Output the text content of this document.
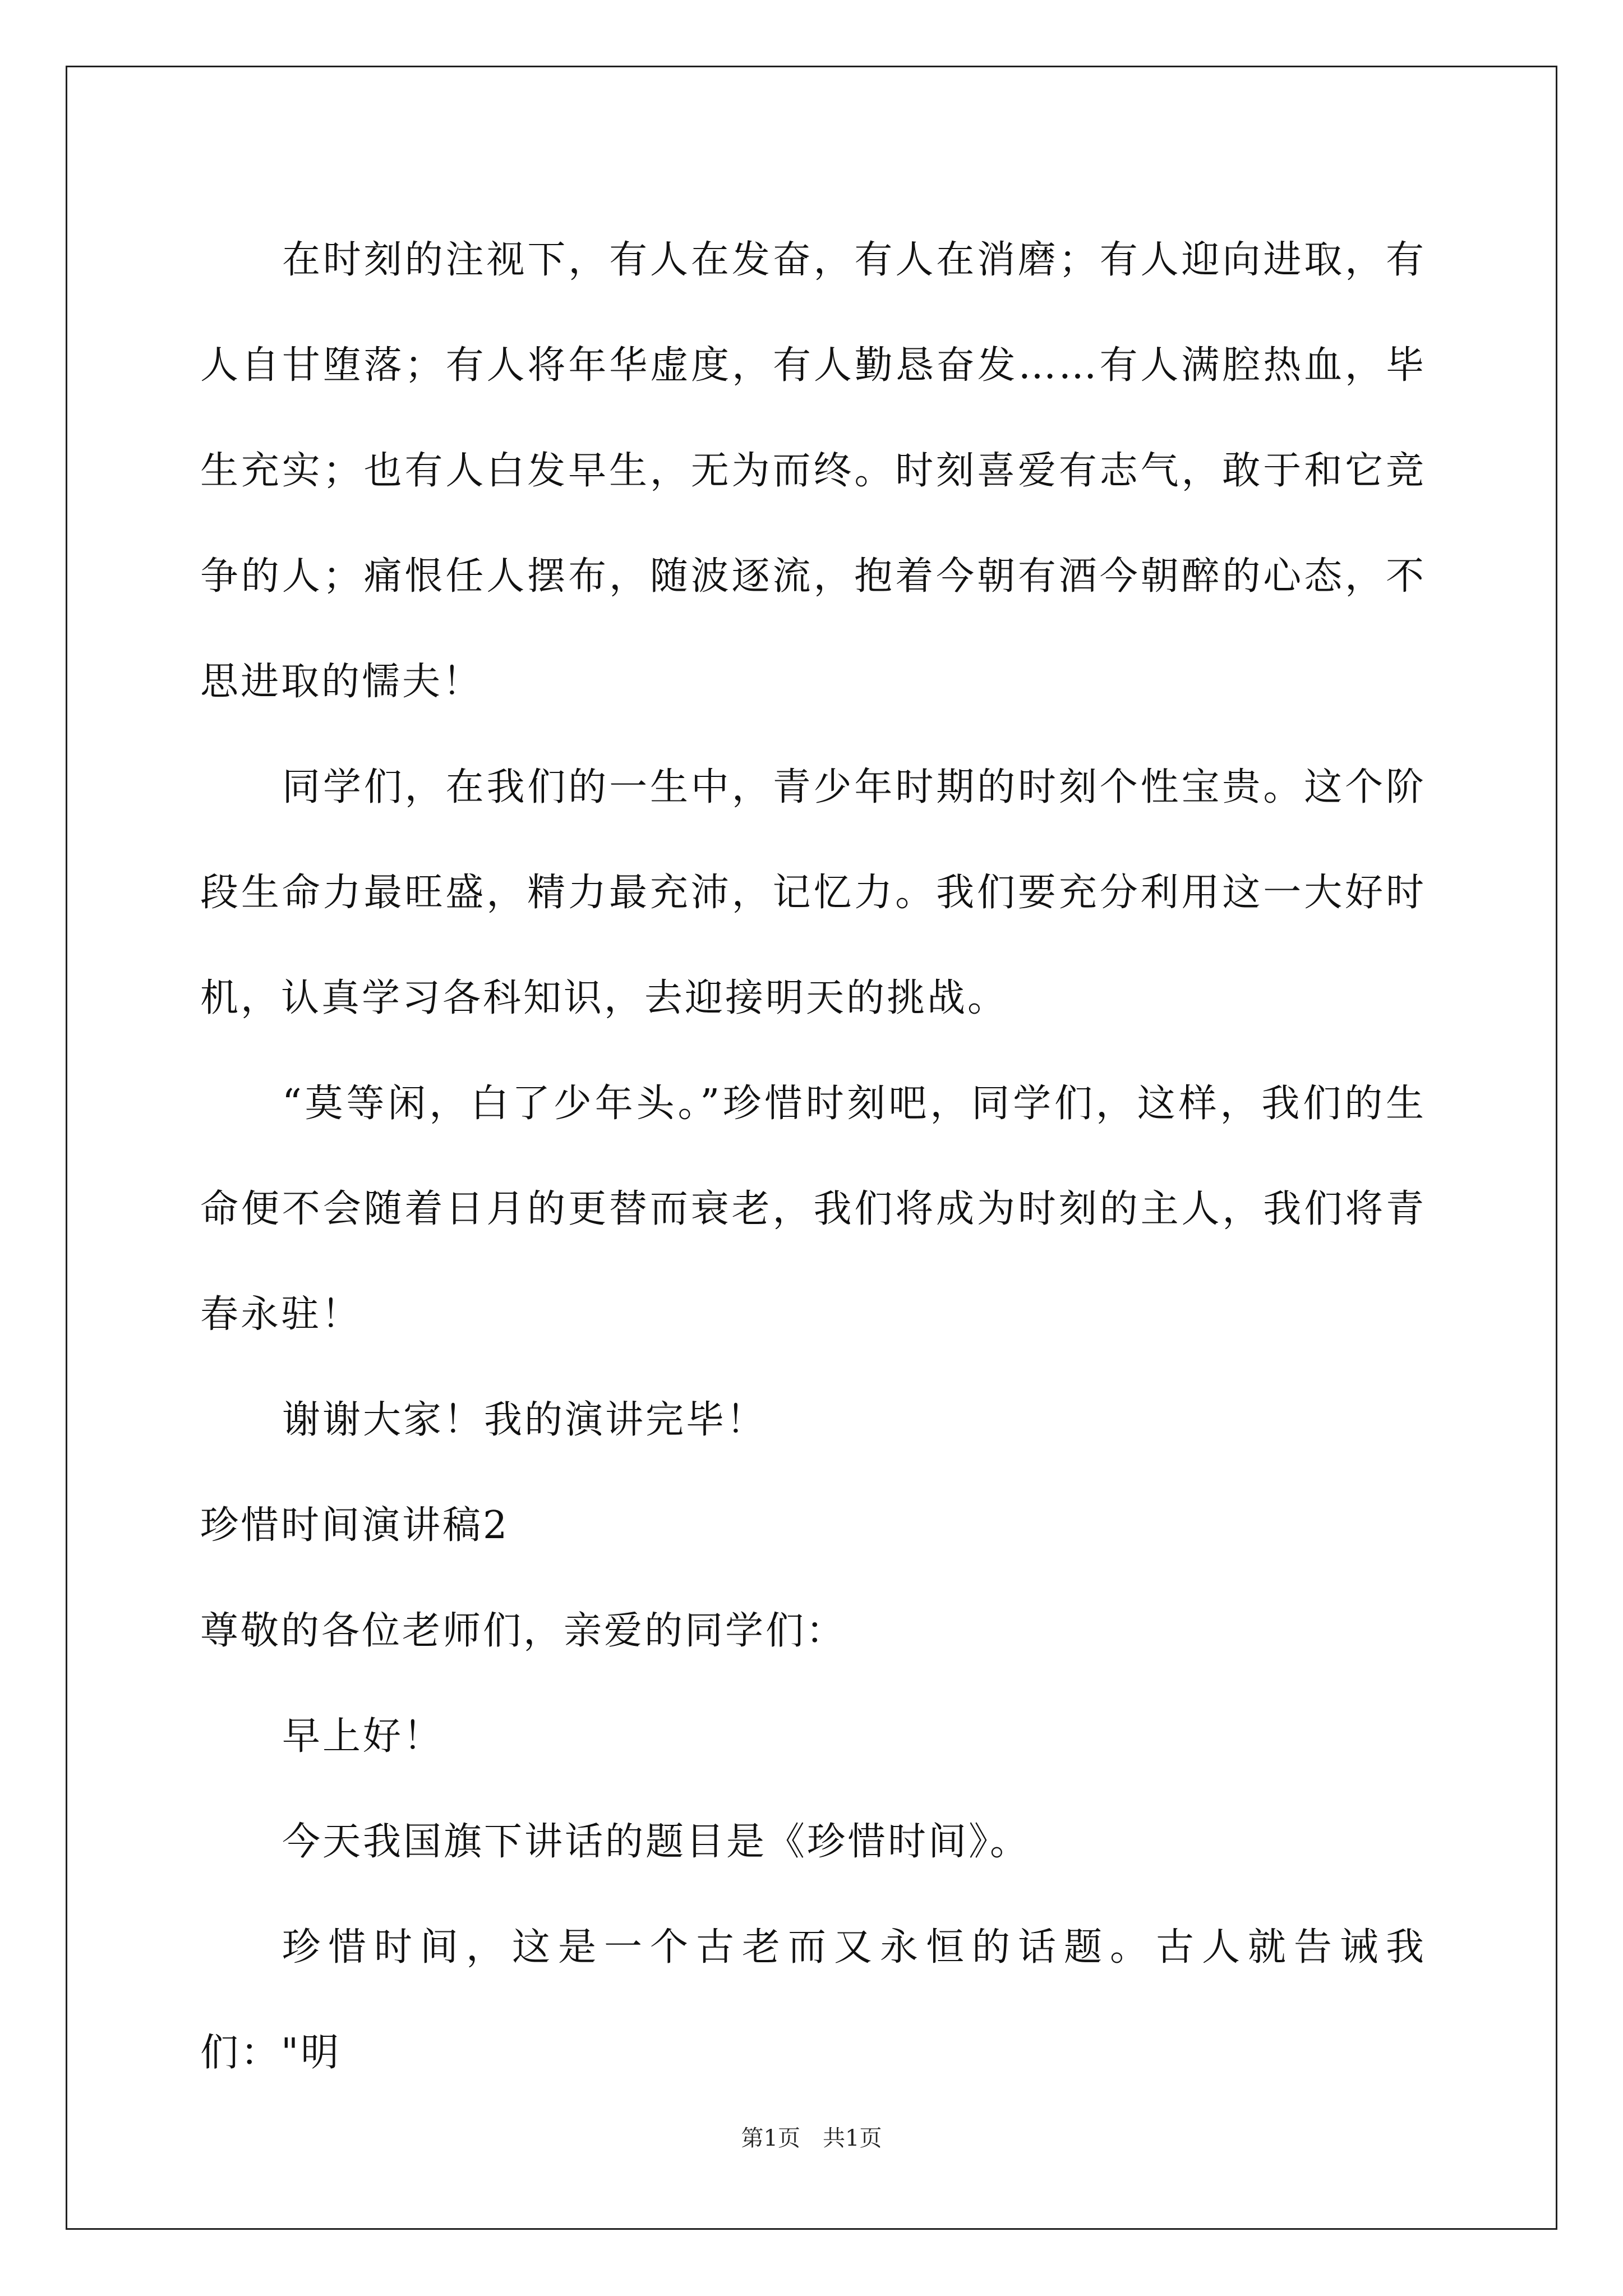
在时刻的注视下，有人在发奋，有人在消磨；有人迎向进取，有人自甘堕落；有人将年华虚度，有人勤恳奋发……有人满腔热血，毕生充实；也有人白发早生，无为而终。时刻喜爱有志气，敢于和它竞争的人；痛恨任人摆布，随波逐流，抱着今朝有酒今朝醉的心态，不思进取的懦夫！

同学们，在我们的一生中，青少年时期的时刻个性宝贵。这个阶段生命力最旺盛，精力最充沛，记忆力。我们要充分利用这一大好时机，认真学习各科知识，去迎接明天的挑战。

“莫等闲，白了少年头。”珍惜时刻吧，同学们，这样，我们的生命便不会随着日月的更替而衰老，我们将成为时刻的主人，我们将青春永驻！

谢谢大家！我的演讲完毕！

珍惜时间演讲稿2

尊敬的各位老师们，亲爱的同学们：

早上好！

今天我国旗下讲话的题目是《珍惜时间》。

珍惜时间，这是一个古老而又永恒的话题。古人就告诫我们："明

第1页　共1页
